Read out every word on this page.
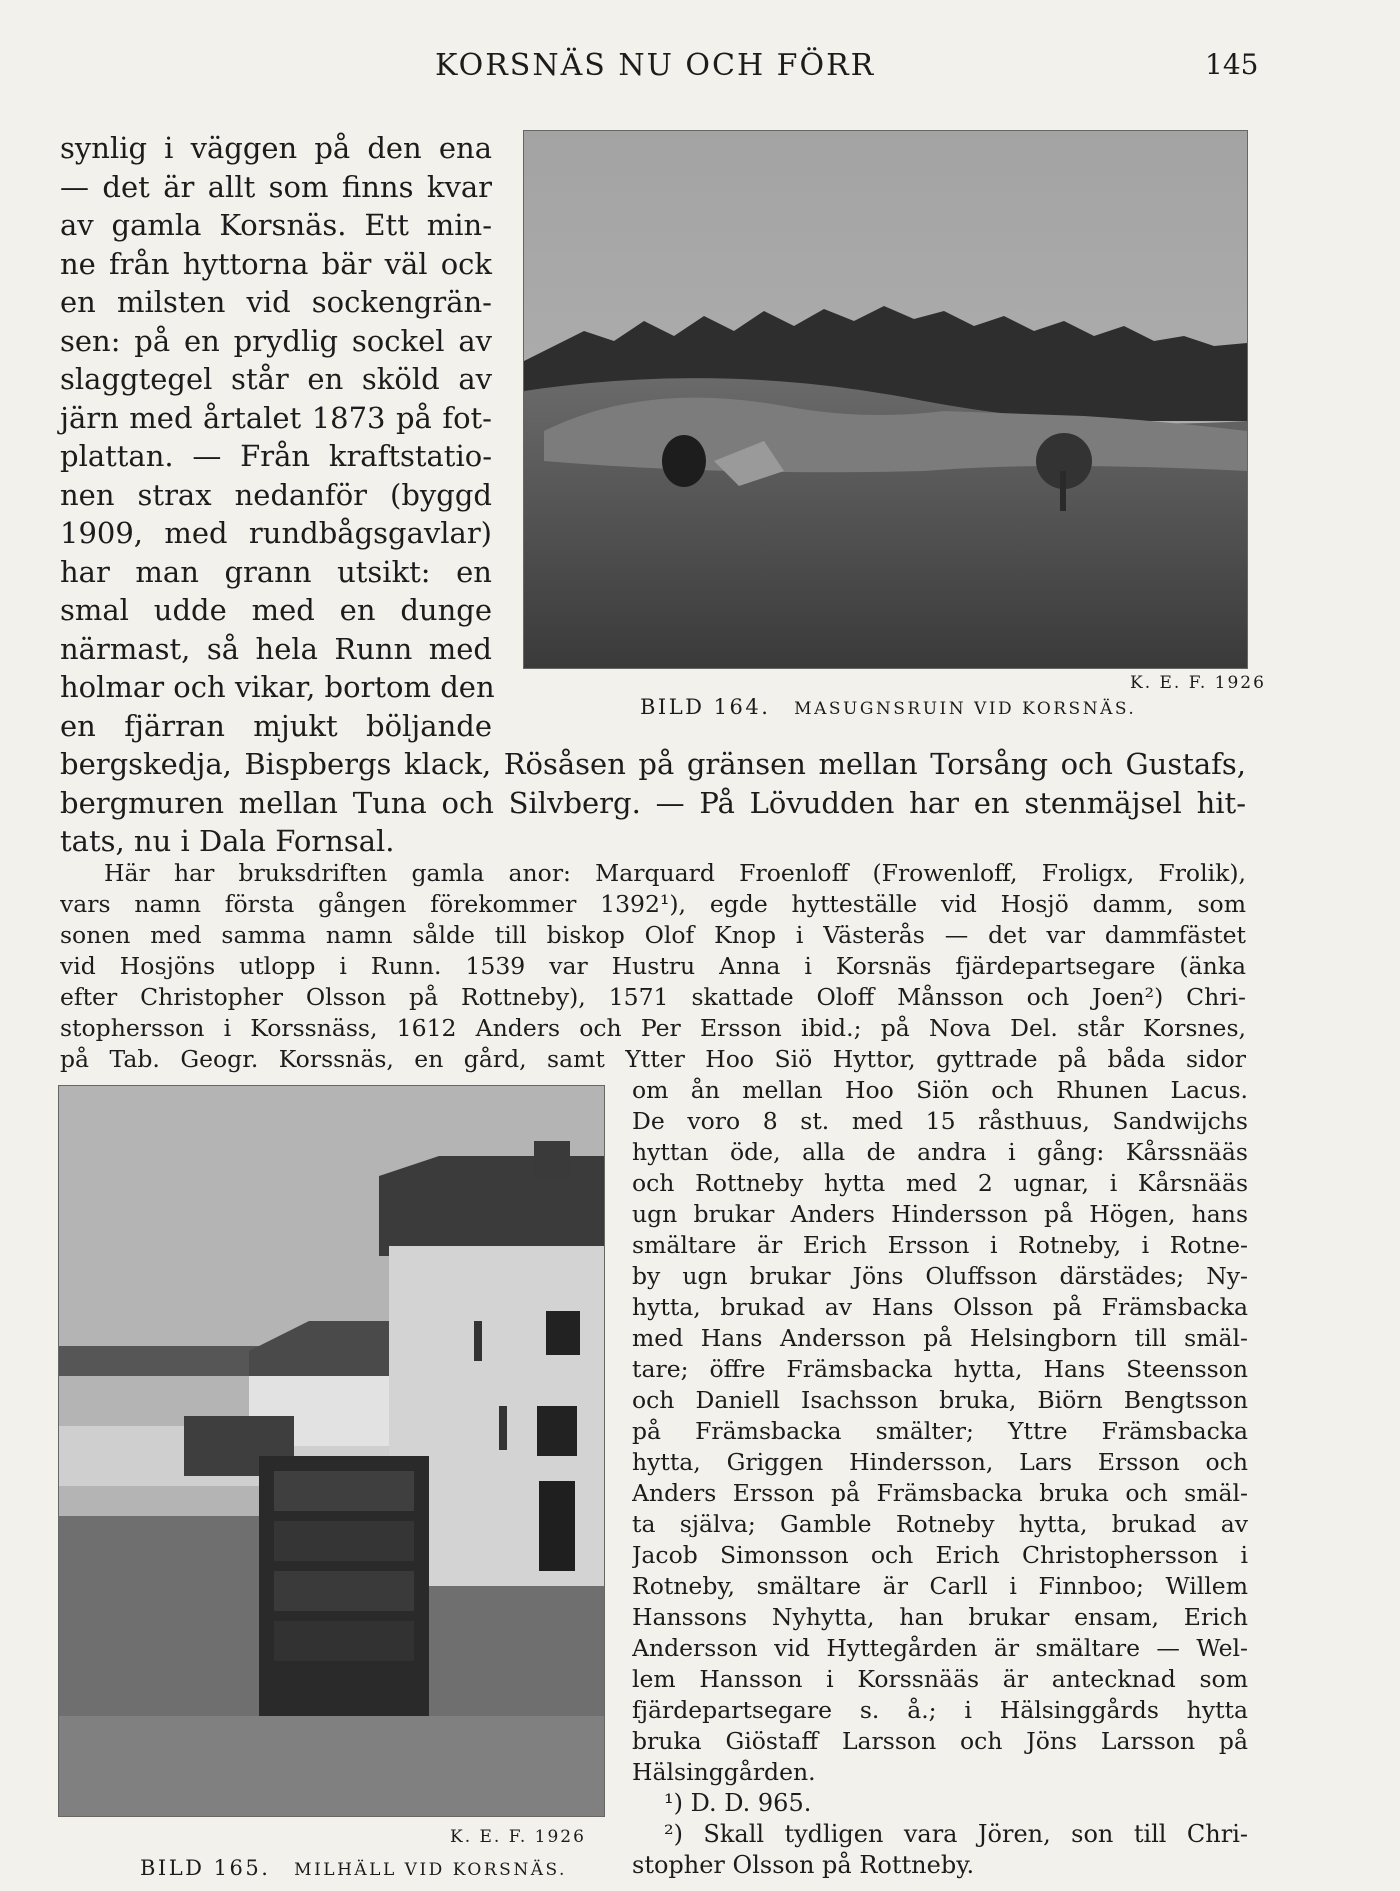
KORSNÄS NU OCH FÖRR	145
synlig i väggen på den ena
— det är allt som finns kvar
av gamla Korsnäs. Ett min-
ne från hyttorna bär väl ock
en milsten vid sockengrän-
sen: på en prydlig sockel av
slaggtegel står en sköld av
järn med årtalet 1873 på fot-
plattan. — Från kraftstatio-
nen strax nedanför (byggd
1909, med rundbågsgavlar)
har man grann utsikt: en
smal udde med en dunge
närmast, så hela Runn med
holmar och vikar, bortom den
en fjärran mjukt böljande
K. E. F. 1926
BILD 164. MASUGNSRUIN VID KORSNÄS.
bergskedja, Bispbergs klack, Rösåsen på gränsen mellan Torsång och Gustafs,
bergmuren mellan Tuna och Silvberg. — På Lövudden har en stenmäjsel hit-
tats, nu i Dala Fornsal.
Här har bruksdriften gamla anor: Marquard Froenloff (Frowenloff, Froligx, Frolik),
vars namn första gången förekommer 1392¹), egde hytteställe vid Hosjö damm, som
sonen med samma namn sålde till biskop Olof Knop i Västerås — det var dammfästet
vid Hosjöns utlopp i Runn. 1539 var Hustru Anna i Korsnäs fjärdepartsegare (änka
efter Christopher Olsson på Rottneby), 1571 skattade Oloff Månsson och Joen²) Chri-
stophersson i Korssnäss, 1612 Anders och Per Ersson ibid.; på Nova Del. står Korsnes,
på Tab. Geogr. Korssnäs, en gård, samt Ytter Hoo Siö Hyttor, gyttrade på båda sidor
K. E. F. 1926
BILD 165. MILHÄLL VID KORSNÄS.
om ån mellan Hoo Siön och Rhunen Lacus.
De voro 8 st. med 15 råsthuus, Sandwijchs
hyttan öde, alla de andra i gång: Kårssnääs
och Rottneby hytta med 2 ugnar, i Kårsnääs
ugn brukar Anders Hindersson på Högen, hans
smältare är Erich Ersson i Rotneby, i Rotne-
by ugn brukar Jöns Oluffsson därstädes; Ny-
hytta, brukad av Hans Olsson på Främsbacka
med Hans Andersson på Helsingborn till smäl-
tare; öffre Främsbacka hytta, Hans Steensson
och Daniell Isachsson bruka, Biörn Bengtsson
på Främsbacka smälter; Yttre Främsbacka
hytta, Griggen Hindersson, Lars Ersson och
Anders Ersson på Främsbacka bruka och smäl-
ta själva; Gamble Rotneby hytta, brukad av
Jacob Simonsson och Erich Christophersson i
Rotneby, smältare är Carll i Finnboo; Willem
Hanssons Nyhytta, han brukar ensam, Erich
Andersson vid Hyttegården är smältare — Wel-
lem Hansson i Korssnääs är antecknad som
fjärdepartsegare s. å.; i Hälsinggårds hytta
bruka Giöstaff Larsson och Jöns Larsson på
Hälsinggården.
¹) D. D. 965.
²) Skall tydligen vara Jören, son till Chri-
stopher Olsson på Rottneby.
